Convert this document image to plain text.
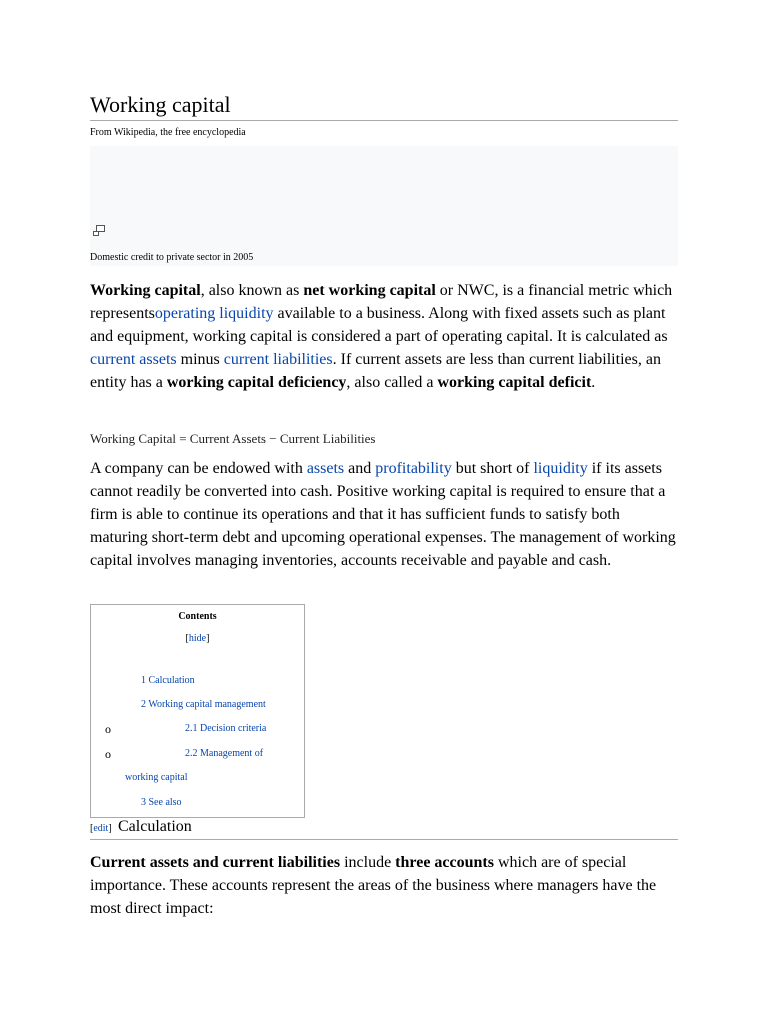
Working capital
From Wikipedia, the free encyclopedia
Domestic credit to private sector in 2005

Working capital, also known as net working capital or NWC, is a financial metric which representsoperating liquidity available to a business. Along with fixed assets such as plant and equipment, working capital is considered a part of operating capital. It is calculated as current assets minus current liabilities. If current assets are less than current liabilities, an entity has a working capital deficiency, also called a working capital deficit.

Working Capital = Current Assets − Current Liabilities

A company can be endowed with assets and profitability but short of liquidity if its assets cannot readily be converted into cash. Positive working capital is required to ensure that a firm is able to continue its operations and that it has sufficient funds to satisfy both maturing short-term debt and upcoming operational expenses. The management of working capital involves managing inventories, accounts receivable and payable and cash.

Contents
[hide]
1 Calculation
2 Working capital management
o	2.1 Decision criteria
o	2.2 Management of
working capital
3 See also
[edit] Calculation

Current assets and current liabilities include three accounts which are of special importance. These accounts represent the areas of the business where managers have the most direct impact:
